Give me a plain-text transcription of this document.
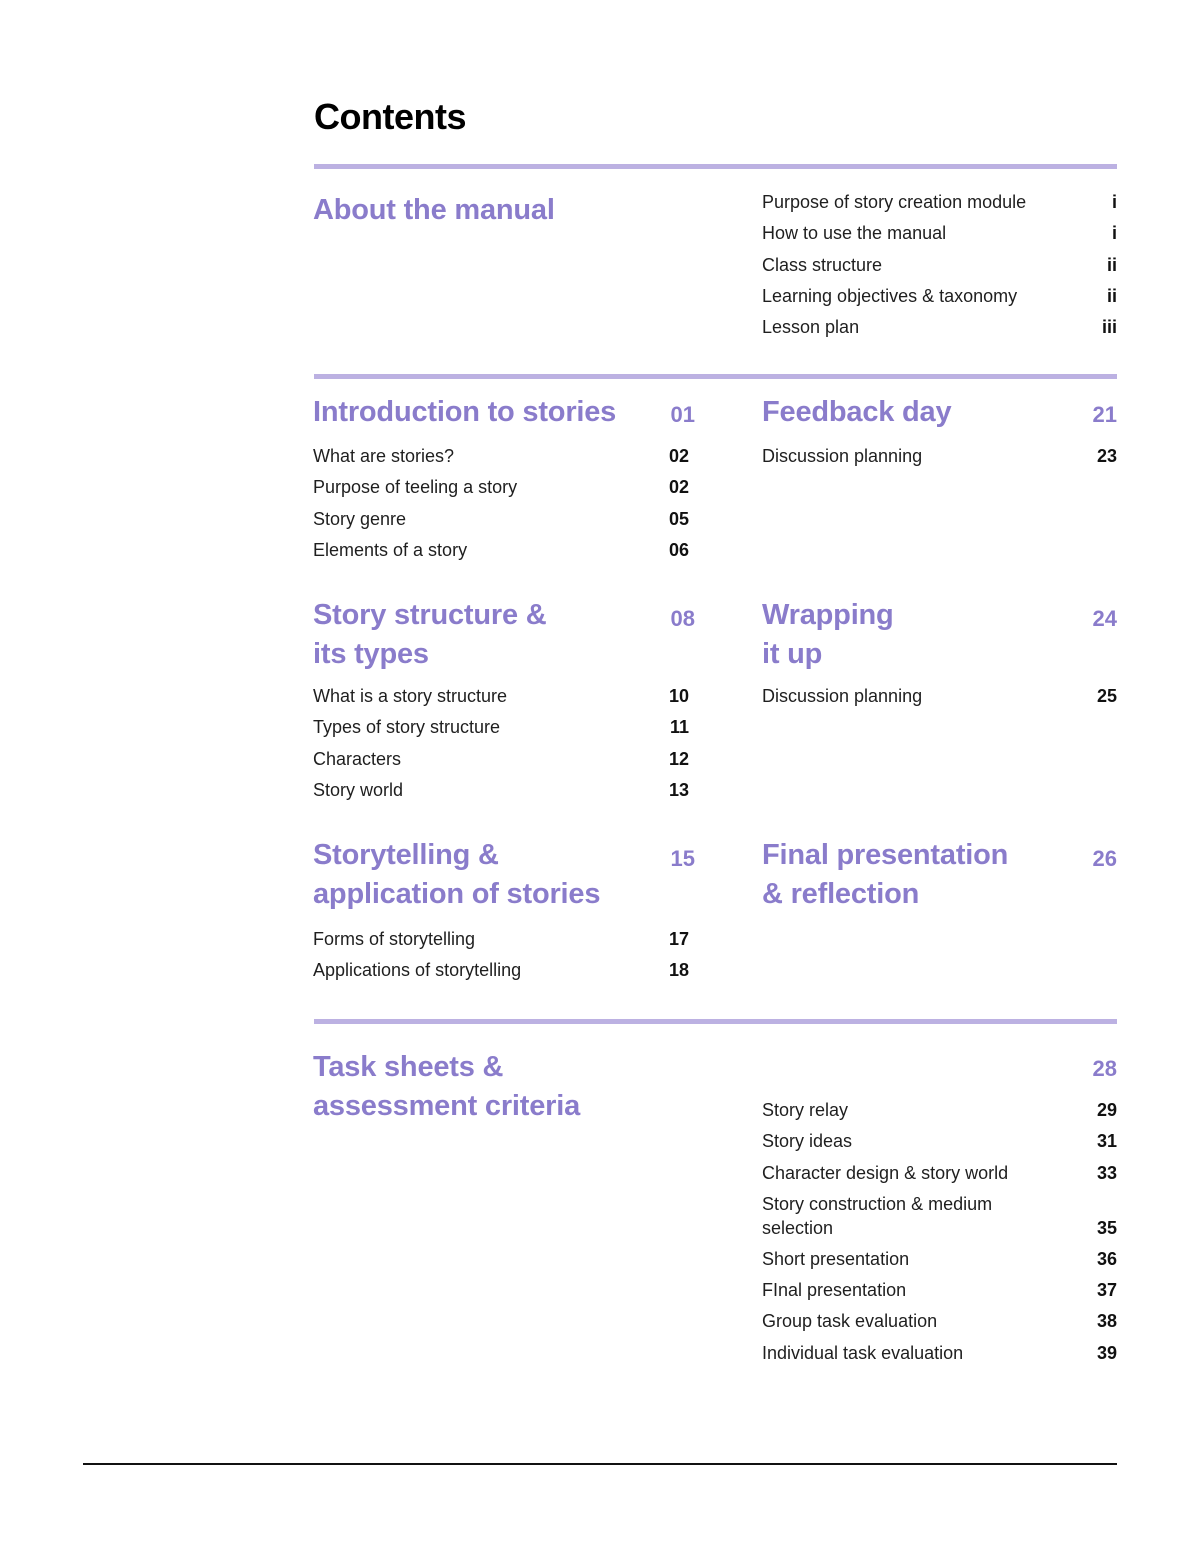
Contents
About the manual	Purpose of story creation module	i
How to use the manual	i
Class structure	ii
Learning objectives & taxonomy	ii
Lesson plan	iii
Introduction to stories	01
What are stories?	02
Purpose of teeling a story	02
Story genre	05
Elements of a story	06
Feedback day	21
Discussion planning	23
Story structure &
its types
08
What is a story structure	10
Types of story structure	11
Characters	12
Story world	13
Wrapping
it up
24
Discussion planning	25
Storytelling &
application of stories
15
Forms of storytelling	17
Applications of storytelling	18
Final presentation
& reflection
26
Task sheets &
assessment criteria
28
Story relay	29
Story ideas	31
Character design & story world	33
Story construction & medium selection	35
Short presentation	36
FInal presentation	37
Group task evaluation	38
Individual task evaluation	39
